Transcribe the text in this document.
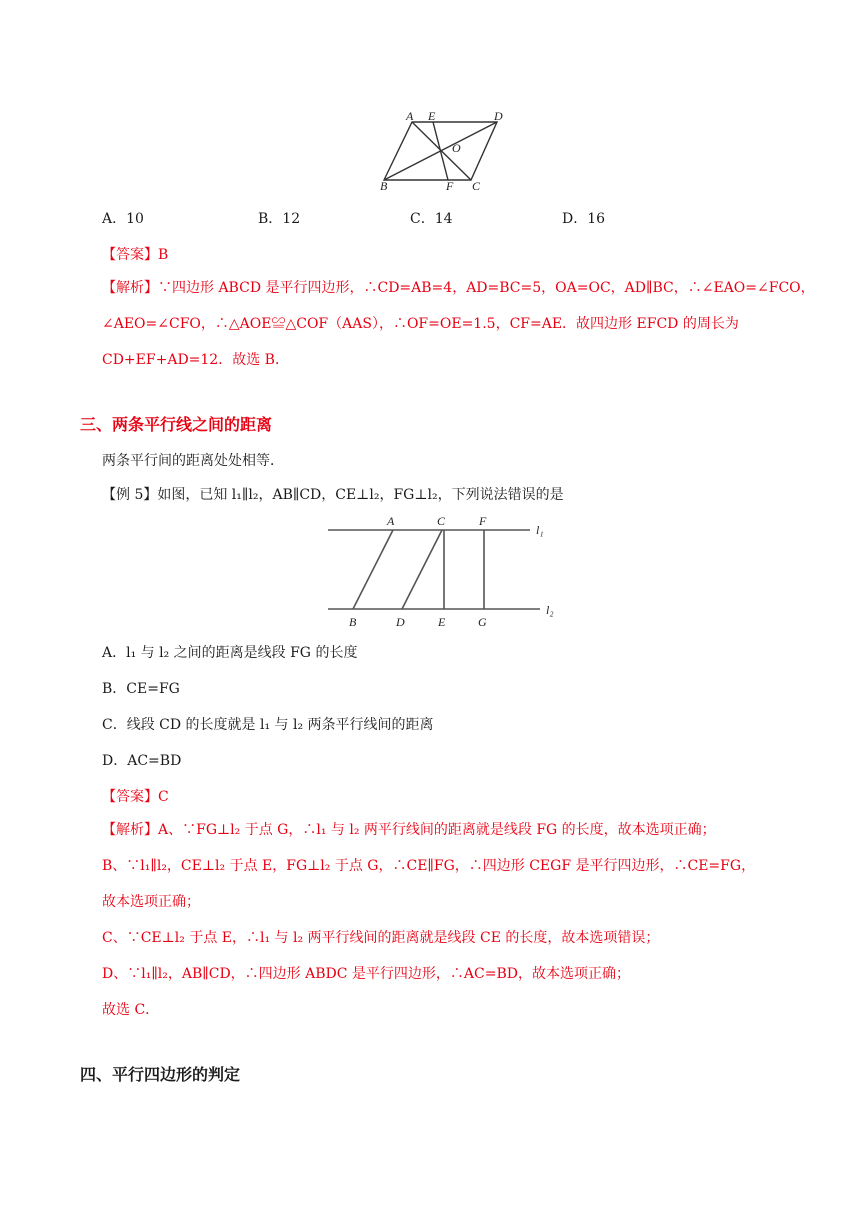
A E	D
O
B	F C
A．10	B．12	C．14	D．16
【答案】B
【解析】∵四边形 ABCD 是平行四边形，∴CD=AB=4，AD=BC=5，OA=OC，AD∥BC，∴∠EAO=∠FCO，
∠AEO=∠CFO，∴△AOE≌△COF（AAS），∴OF=OE=1.5，CF=AE．故四边形 EFCD 的周长为
CD+EF+AD=12．故选 B．
三、两条平行线之间的距离
两条平行间的距离处处相等．
【例 5】如图，已知 l₁∥l₂，AB∥CD，CE⊥l₂，FG⊥l₂，下列说法错误的是
A	C	F
l₁
B	D	E	G
l₂
A．l₁ 与 l₂ 之间的距离是线段 FG 的长度
B．CE=FG
C．线段 CD 的长度就是 l₁ 与 l₂ 两条平行线间的距离
D．AC=BD
【答案】C
【解析】A、∵FG⊥l₂ 于点 G，∴l₁ 与 l₂ 两平行线间的距离就是线段 FG 的长度，故本选项正确；
B、∵l₁∥l₂，CE⊥l₂ 于点 E，FG⊥l₂ 于点 G，∴CE∥FG，∴四边形 CEGF 是平行四边形，∴CE=FG，
故本选项正确；
C、∵CE⊥l₂ 于点 E，∴l₁ 与 l₂ 两平行线间的距离就是线段 CE 的长度，故本选项错误；
D、∵l₁∥l₂，AB∥CD，∴四边形 ABDC 是平行四边形，∴AC=BD，故本选项正确；
故选 C．
四、平行四边形的判定
